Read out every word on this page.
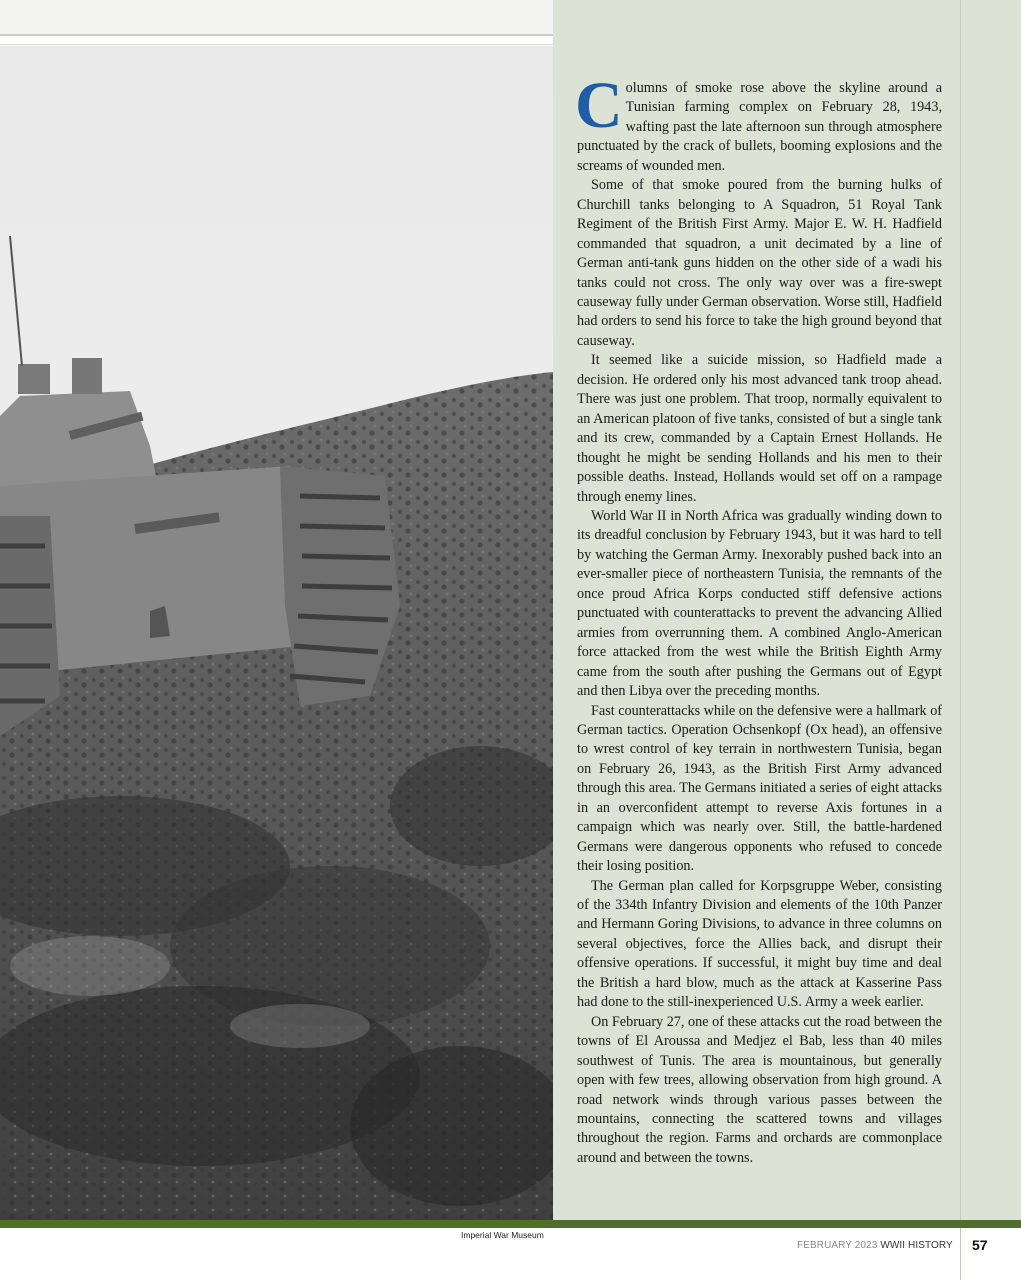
Columns of smoke rose above the skyline around a Tunisian farming complex on February 28, 1943, wafting past the late afternoon sun through atmosphere punctuated by the crack of bullets, booming explosions and the screams of wounded men.

Some of that smoke poured from the burning hulks of Churchill tanks belonging to A Squadron, 51 Royal Tank Regiment of the British First Army. Major E. W. H. Hadfield commanded that squadron, a unit decimated by a line of German anti-tank guns hidden on the other side of a wadi his tanks could not cross. The only way over was a fire-swept causeway fully under German observation. Worse still, Hadfield had orders to send his force to take the high ground beyond that causeway.

It seemed like a suicide mission, so Hadfield made a decision. He ordered only his most advanced tank troop ahead. There was just one problem. That troop, normally equivalent to an American platoon of five tanks, consisted of but a single tank and its crew, commanded by a Captain Ernest Hollands. He thought he might be sending Hollands and his men to their possible deaths. Instead, Hollands would set off on a rampage through enemy lines.

World War II in North Africa was gradually winding down to its dreadful conclusion by February 1943, but it was hard to tell by watching the German Army. Inexorably pushed back into an ever-smaller piece of northeastern Tunisia, the remnants of the once proud Africa Korps conducted stiff defensive actions punctuated with counterattacks to prevent the advancing Allied armies from overrunning them. A combined Anglo-American force attacked from the west while the British Eighth Army came from the south after pushing the Germans out of Egypt and then Libya over the preceding months.

Fast counterattacks while on the defensive were a hallmark of German tactics. Operation Ochsenkopf (Ox head), an offensive to wrest control of key terrain in northwestern Tunisia, began on February 26, 1943, as the British First Army advanced through this area. The Germans initiated a series of eight attacks in an overconfident attempt to reverse Axis fortunes in a campaign which was nearly over. Still, the battle-hardened Germans were dangerous opponents who refused to concede their losing position.

The German plan called for Korpsgruppe Weber, consisting of the 334th Infantry Division and elements of the 10th Panzer and Hermann Goring Divisions, to advance in three columns on several objectives, force the Allies back, and disrupt their offensive operations. If successful, it might buy time and deal the British a hard blow, much as the attack at Kasserine Pass had done to the still-inexperienced U.S. Army a week earlier.

On February 27, one of these attacks cut the road between the towns of El Aroussa and Medjez el Bab, less than 40 miles southwest of Tunis. The area is mountainous, but generally open with few trees, allowing observation from high ground. A road network winds through various passes between the mountains, connecting the scattered towns and villages throughout the region. Farms and orchards are commonplace around and between the towns.

Imperial War Museum
FEBRUARY 2023 WWII HISTORY 57
